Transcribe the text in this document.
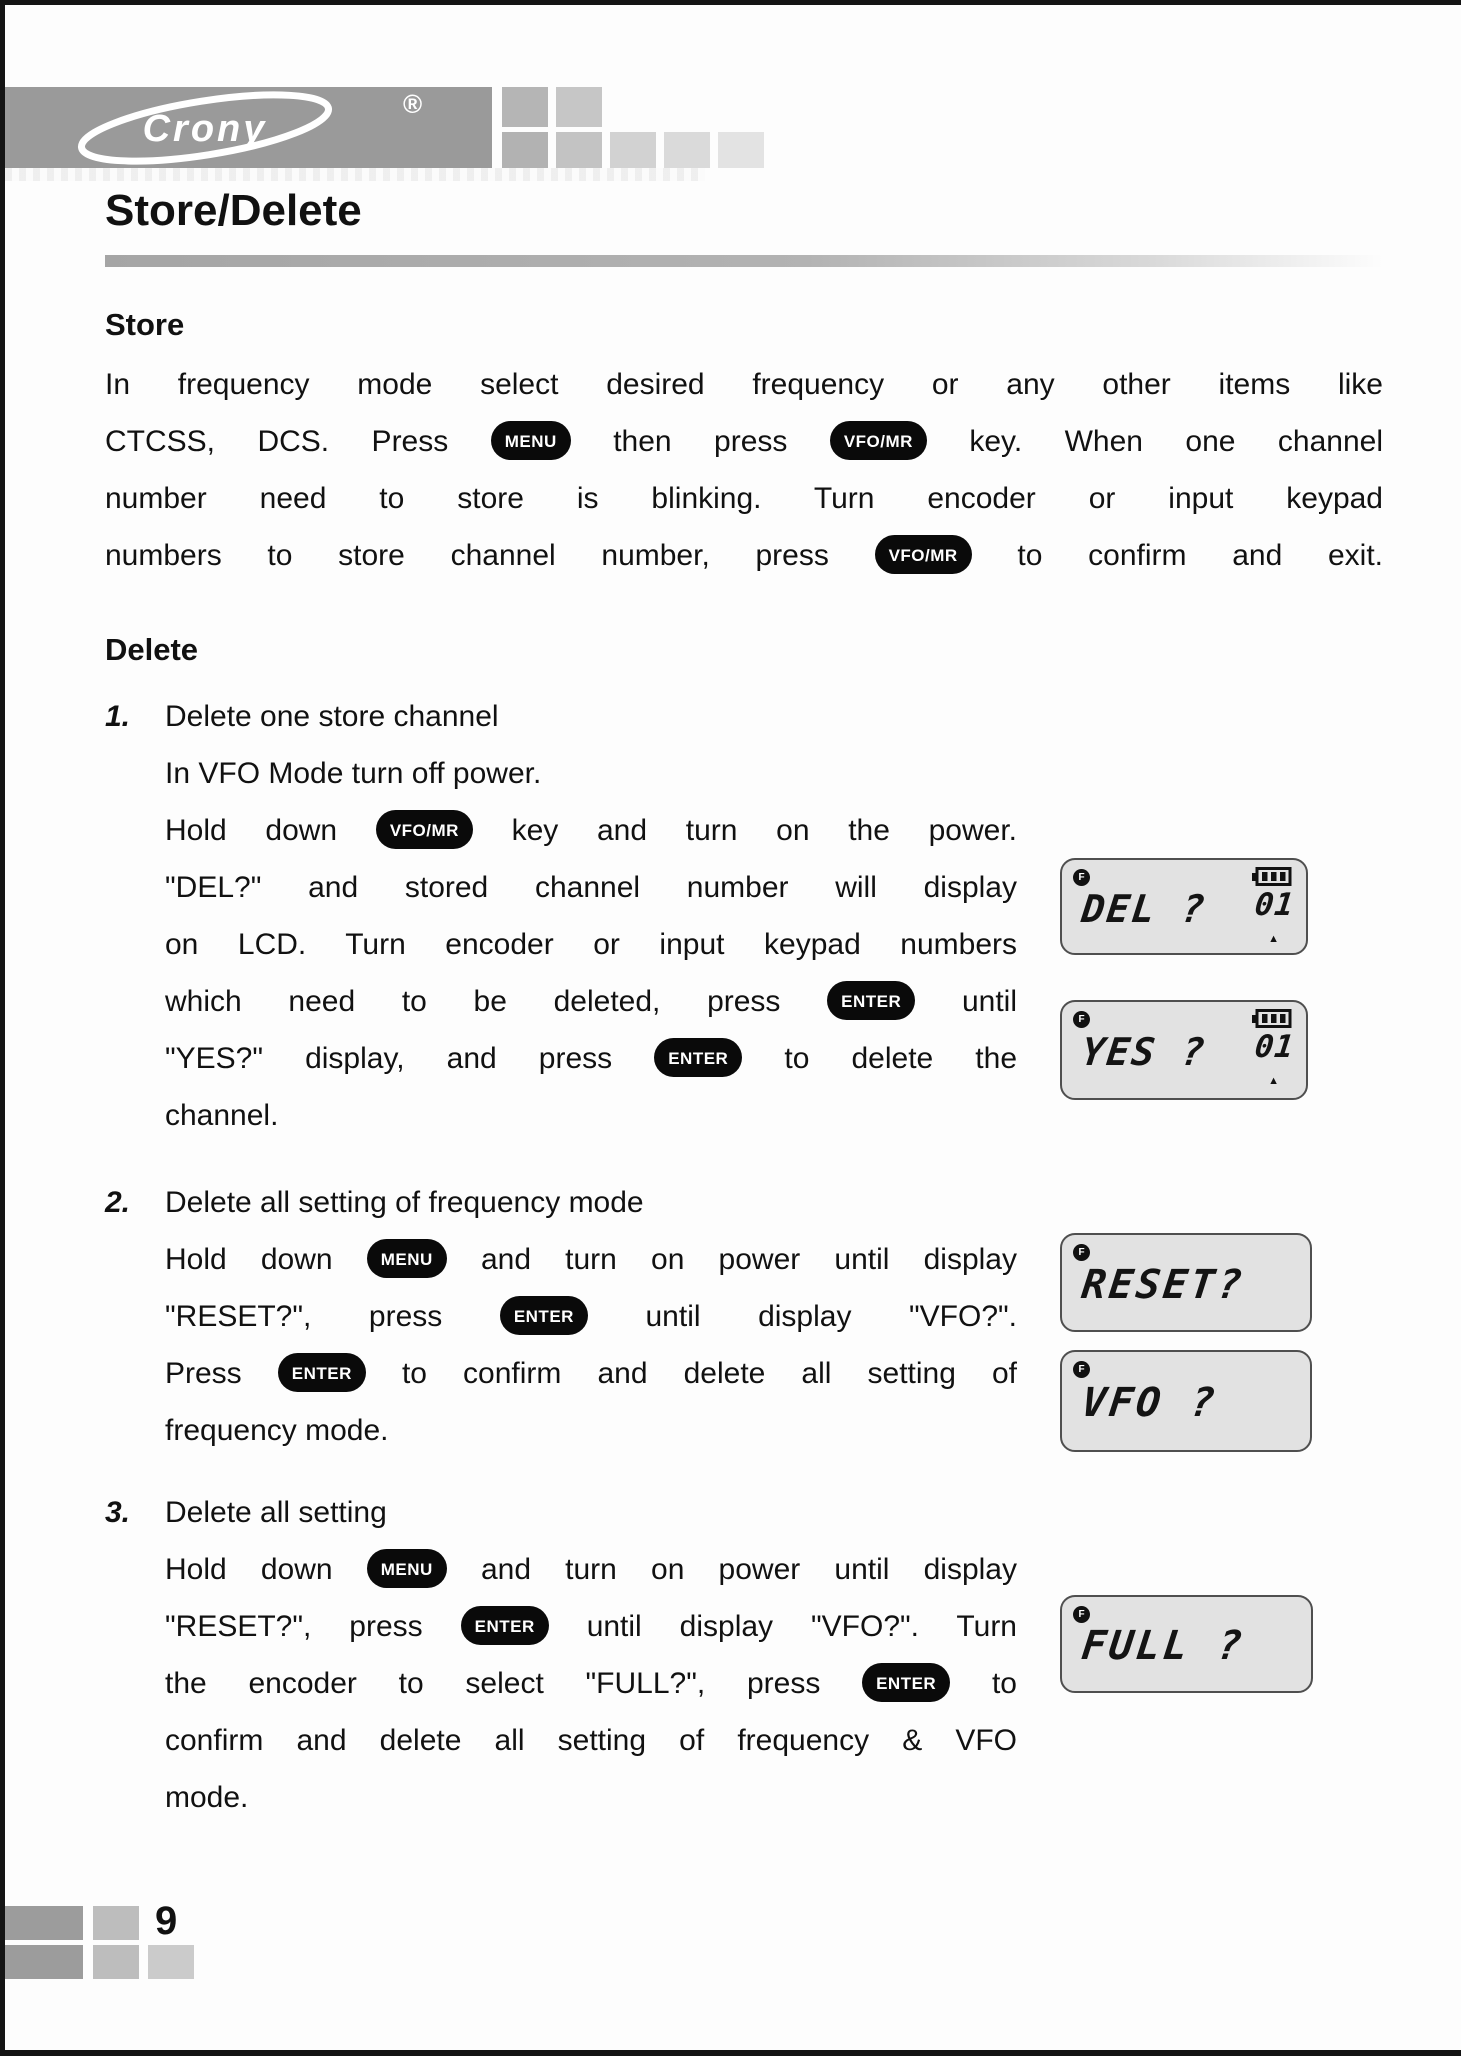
Crony
®
Store/Delete
Store
In frequency mode select desired frequency or any other items like
CTCSS, DCS. Press MENU then press VFO/MR key. When one channel
number need to store is blinking. Turn encoder or input keypad
numbers to store channel number, press VFO/MR to confirm and exit.
Delete
1.	Delete one store channel
In VFO Mode turn off power.
Hold down VFO/MR key and turn on the power.
"DEL?" and stored channel number will display
on LCD. Turn encoder or input keypad numbers
which need to be deleted, press ENTER until
"YES?" display, and press ENTER to delete the
channel.
2.	Delete all setting of frequency mode
Hold down MENU and turn on power until display
"RESET?", press ENTER until display "VFO?".
Press ENTER to confirm and delete all setting of
frequency mode.
3.	Delete all setting
Hold down MENU and turn on power until display
"RESET?", press ENTER until display "VFO?". Turn
the encoder to select "FULL?", press ENTER to
confirm and delete all setting of frequency & VFO
mode.
F
DEL ? 01
▲
F
YES ? 01
▲
F
RESET?
F
VFO ?
F
FULL ?
9
